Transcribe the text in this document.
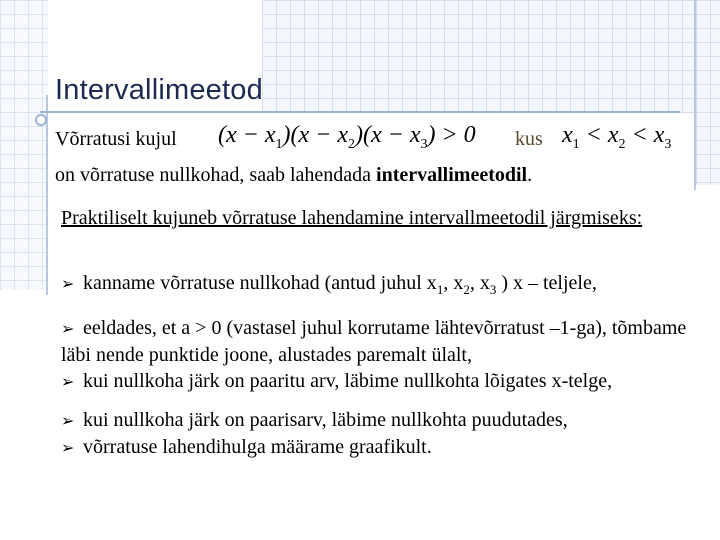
Intervallimeetod
Võrratusi kujul $(x - x_1)(x - x_2)(x - x_3) > 0$ kus $x_1 < x_2 < x_3$
on võrratuse nullkohad, saab lahendada intervallimeetodil.
Praktiliselt kujuneb võrratuse lahendamine intervallmeetodil järgmiseks:

➢ kanname võrratuse nullkohad (antud juhul $x_1$, $x_2$, $x_3$ ) x – teljele,

➢ eeldades, et a > 0 (vastasel juhul korrutame lähtevõrratust –1-ga), tõmbame läbi nende punktide joone, alustades paremalt ülalt,

➢ kui nullkoha järk on paaritu arv, läbime nullkohta lõigates x-telge,

➢ kui nullkoha järk on paarisarv, läbime nullkohta puudutades,

➢ võrratuse lahendihulga määrame graafikult.
